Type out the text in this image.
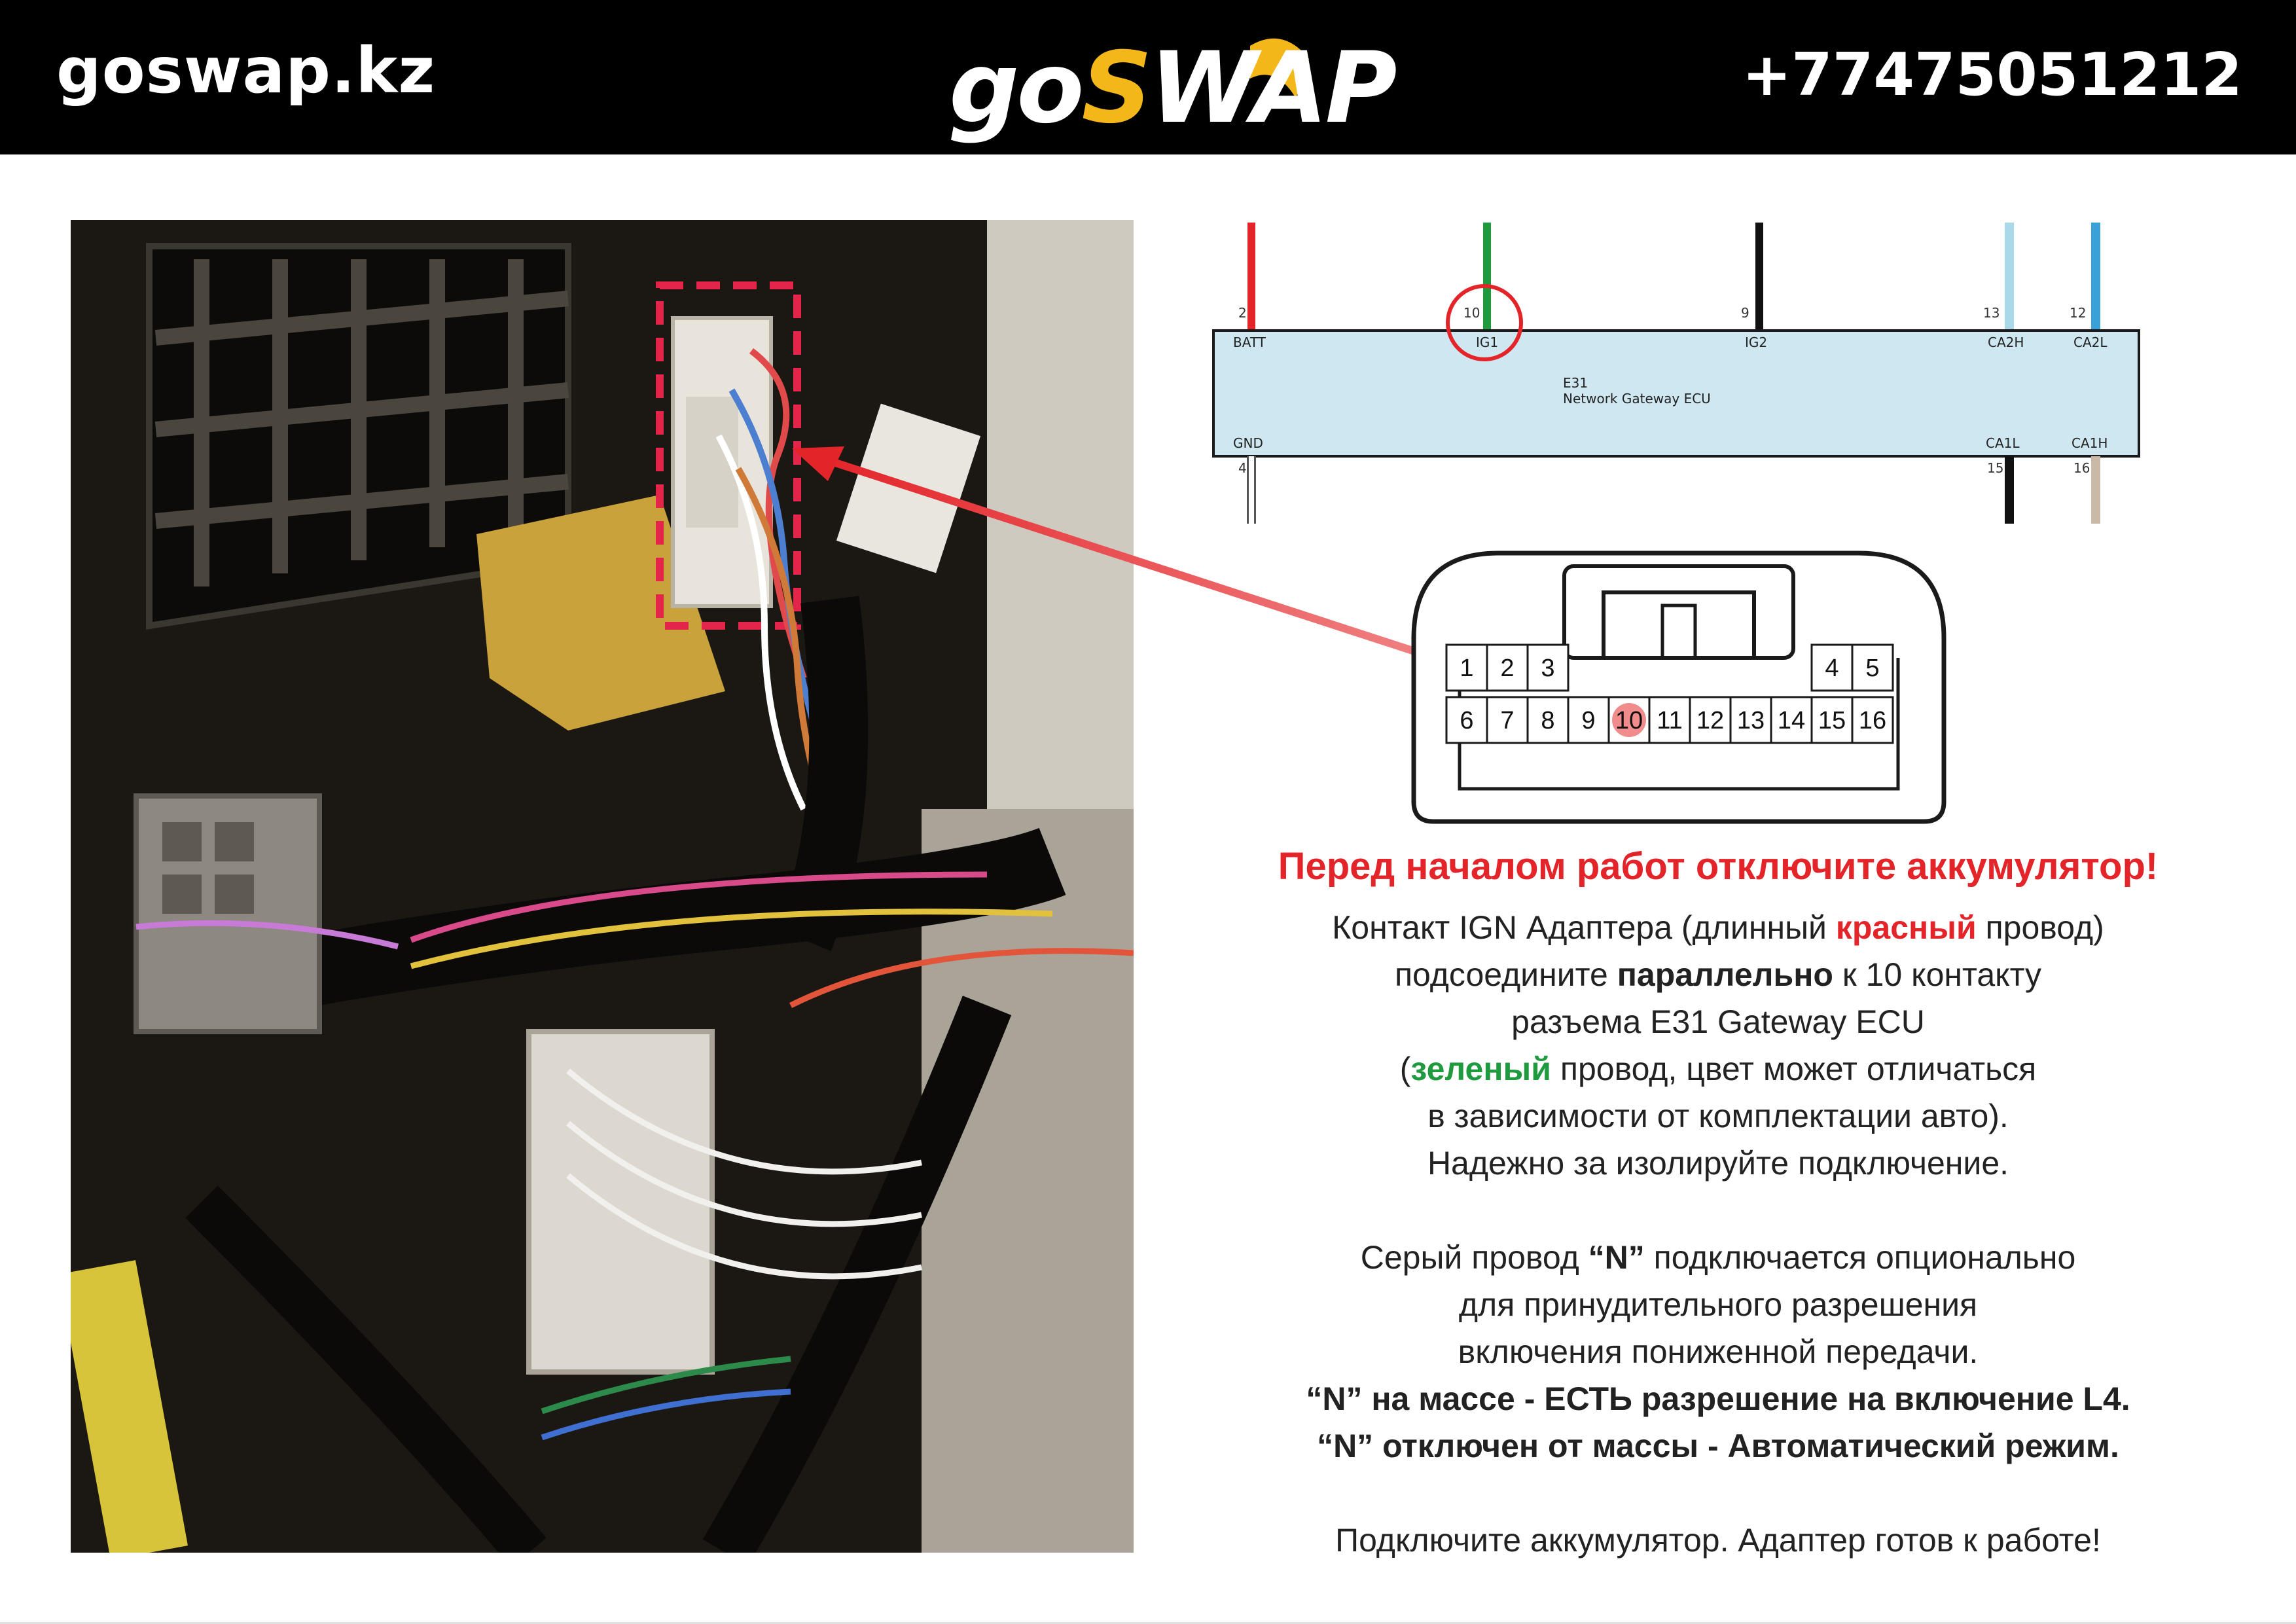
goswap.kz	goSWAP	+77475051212
2	10	9	13	12
BATT	IG1	IG2	CA2H	CA2L
E31
Network Gateway ECU
GND	CA1L	CA1H
4	15	16
1 2 3	4 5
6 7 8 9 10 11 12 13 14 15 16

Перед началом работ отключите аккумулятор!

Контакт IGN Адаптера (длинный красный провод)

подсоедините параллельно к 10 контакту

разъема E31 Gateway ECU

(зеленый провод, цвет может отличаться

в зависимости от комплектации авто).

Надежно за изолируйте подключение.

Серый провод “N” подключается опционально

для принудительного разрешения

включения пониженной передачи.

“N” на массе - ЕСТЬ разрешение на включение L4.

“N” отключен от массы - Автоматический режим.

Подключите аккумулятор. Адаптер готов к работе!
